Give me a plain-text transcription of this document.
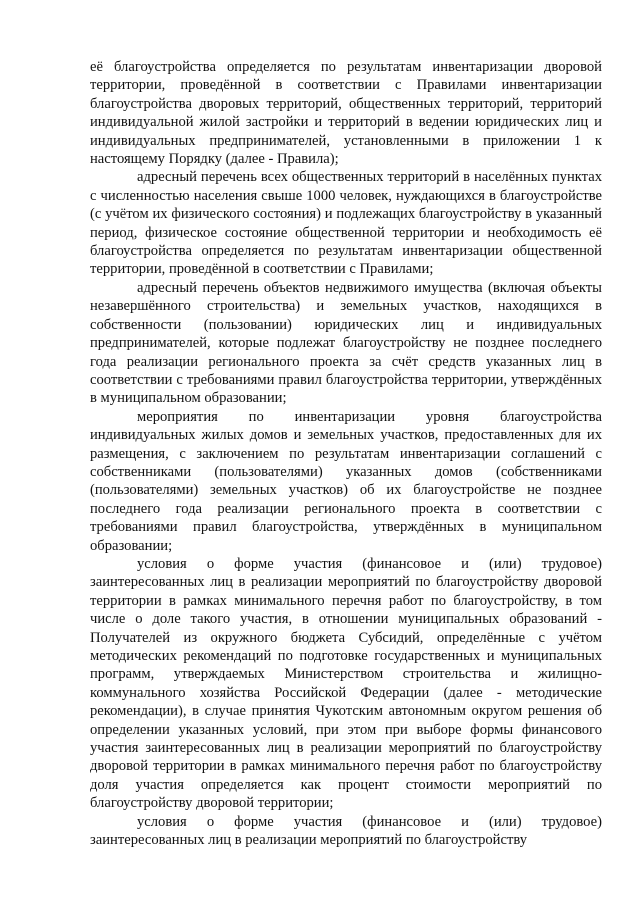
её благоустройства определяется по результатам инвентаризации дворовой территории, проведённой в соответствии с Правилами инвентаризации благоустройства дворовых территорий, общественных территорий, территорий индивидуальной жилой застройки и территорий в ведении юридических лиц и индивидуальных предпринимателей, установленными в приложении 1 к настоящему Порядку (далее - Правила);

адресный перечень всех общественных территорий в населённых пунктах с численностью населения свыше 1000 человек, нуждающихся в благоустройстве (с учётом их физического состояния) и подлежащих благоустройству в указанный период, физическое состояние общественной территории и необходимость её благоустройства определяется по результатам инвентаризации общественной территории, проведённой в соответствии с Правилами;

адресный перечень объектов недвижимого имущества (включая объекты незавершённого строительства) и земельных участков, находящихся в собственности (пользовании) юридических лиц и индивидуальных предпринимателей, которые подлежат благоустройству не позднее последнего года реализации регионального проекта за счёт средств указанных лиц в соответствии с требованиями правил благоустройства территории, утверждённых в муниципальном образовании;

мероприятия по инвентаризации уровня благоустройства индивидуальных жилых домов и земельных участков, предоставленных для их размещения, с заключением по результатам инвентаризации соглашений с собственниками (пользователями) указанных домов (собственниками (пользователями) земельных участков) об их благоустройстве не позднее последнего года реализации регионального проекта в соответствии с требованиями правил благоустройства, утверждённых в муниципальном образовании;

условия о форме участия (финансовое и (или) трудовое) заинтересованных лиц в реализации мероприятий по благоустройству дворовой территории в рамках минимального перечня работ по благоустройству, в том числе о доле такого участия, в отношении муниципальных образований - Получателей из окружного бюджета Субсидий, определённые с учётом методических рекомендаций по подготовке государственных и муниципальных программ, утверждаемых Министерством строительства и жилищно-коммунального хозяйства Российской Федерации (далее - методические рекомендации), в случае принятия Чукотским автономным округом решения об определении указанных условий, при этом при выборе формы финансового участия заинтересованных лиц в реализации мероприятий по благоустройству дворовой территории в рамках минимального перечня работ по благоустройству доля участия определяется как процент стоимости мероприятий по благоустройству дворовой территории;

условия о форме участия (финансовое и (или) трудовое) заинтересованных лиц в реализации мероприятий по благоустройству
